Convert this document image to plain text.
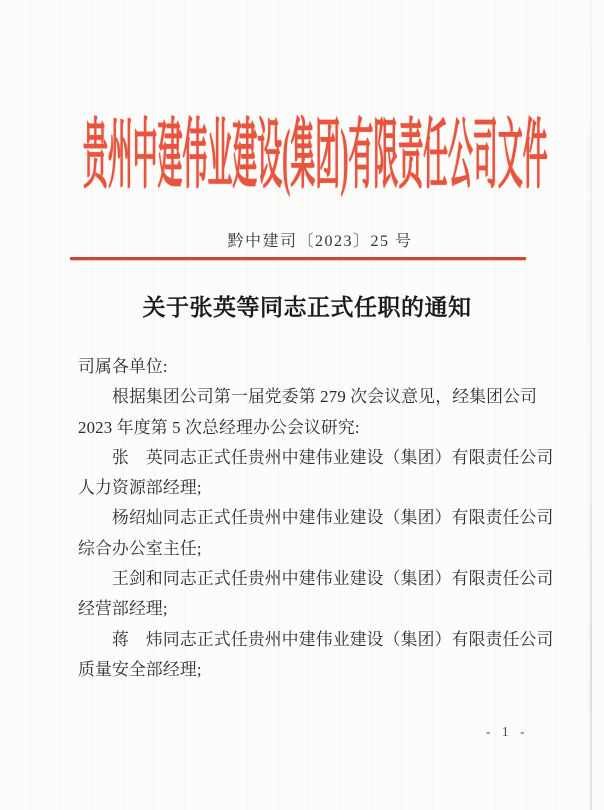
贵州中建伟业建设(集团)有限责任公司文件
黔中建司〔2023〕25 号
关于张英等同志正式任职的通知
司属各单位:
　　根据集团公司第一届党委第 279 次会议意见，经集团公司
2023 年度第 5 次总经理办公会议研究:
　　张　英同志正式任贵州中建伟业建设（集团）有限责任公司
人力资源部经理;
　　杨绍灿同志正式任贵州中建伟业建设（集团）有限责任公司
综合办公室主任;
　　王剑和同志正式任贵州中建伟业建设（集团）有限责任公司
经营部经理;
　　蒋　炜同志正式任贵州中建伟业建设（集团）有限责任公司
质量安全部经理;
- 1 -
